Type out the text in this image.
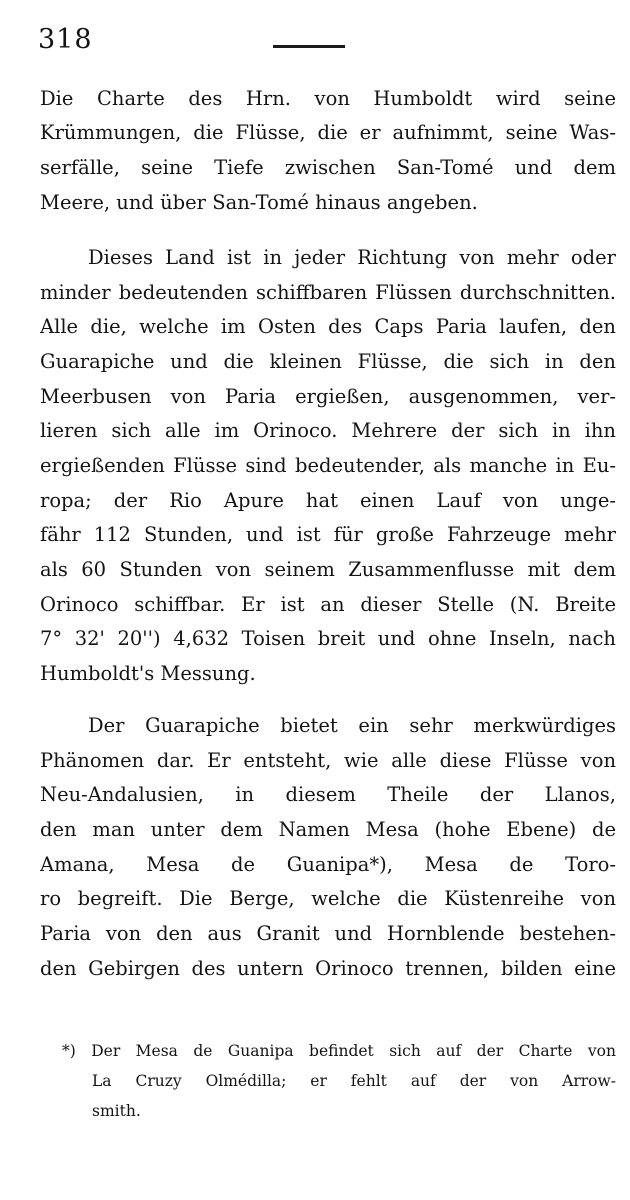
318
Die Charte des Hrn. von Humboldt wird seine
Krümmungen, die Flüsse, die er aufnimmt, seine Was-
serfälle, seine Tiefe zwischen San-Tomé und dem
Meere, und über San-Tomé hinaus angeben.
Dieses Land ist in jeder Richtung von mehr oder
minder bedeutenden schiffbaren Flüssen durchschnitten.
Alle die, welche im Osten des Caps Paria laufen, den
Guarapiche und die kleinen Flüsse, die sich in den
Meerbusen von Paria ergießen, ausgenommen, ver-
lieren sich alle im Orinoco. Mehrere der sich in ihn
ergießenden Flüsse sind bedeutender, als manche in Eu-
ropa; der Rio Apure hat einen Lauf von unge-
fähr 112 Stunden, und ist für große Fahrzeuge mehr
als 60 Stunden von seinem Zusammenflusse mit dem
Orinoco schiffbar. Er ist an dieser Stelle (N. Breite
7° 32' 20'') 4,632 Toisen breit und ohne Inseln, nach
Humboldt's Messung.
Der Guarapiche bietet ein sehr merkwürdiges
Phänomen dar. Er entsteht, wie alle diese Flüsse von
Neu-Andalusien, in diesem Theile der Llanos,
den man unter dem Namen Mesa (hohe Ebene) de
Amana, Mesa de Guanipa*), Mesa de Toro-
ro begreift. Die Berge, welche die Küstenreihe von
Paria von den aus Granit und Hornblende bestehen-
den Gebirgen des untern Orinoco trennen, bilden eine
*) Der Mesa de Guanipa befindet sich auf der Charte von
La Cruzy Olmédilla; er fehlt auf der von Arrow-
smith.
